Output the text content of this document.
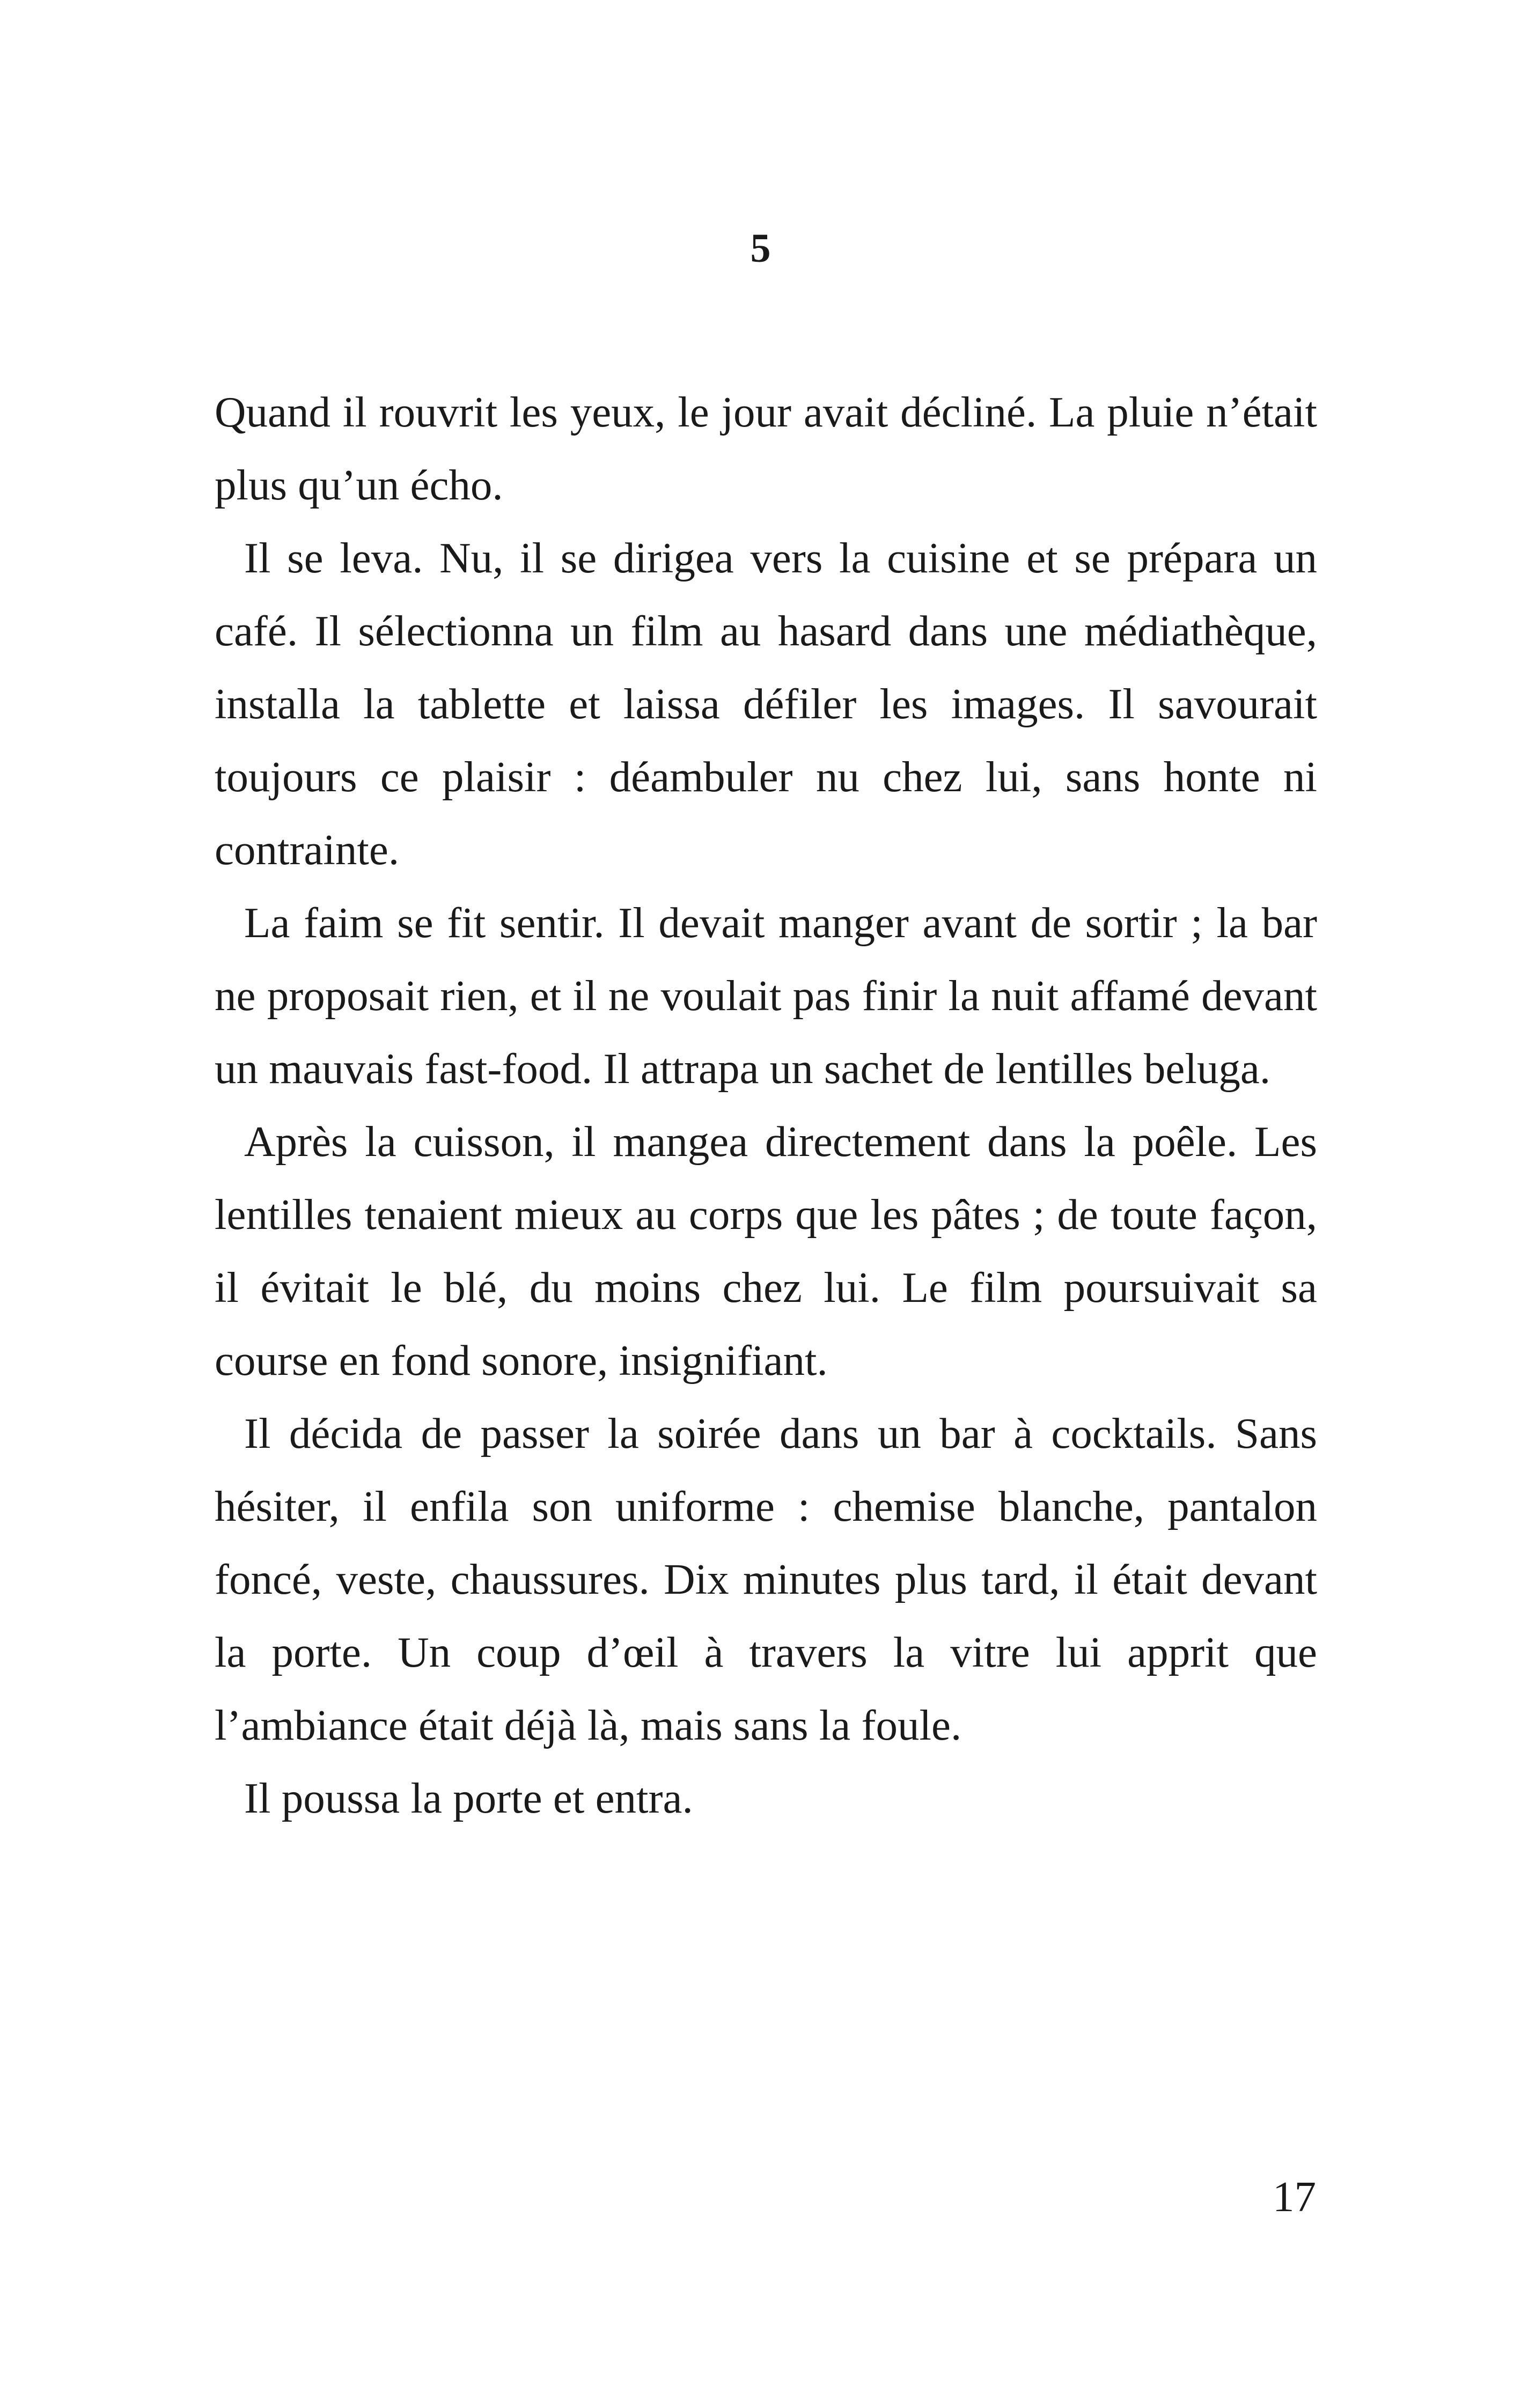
5

Quand il rouvrit les yeux, le jour avait décliné. La pluie n’était plus qu’un écho.

Il se leva. Nu, il se dirigea vers la cuisine et se prépara un café. Il sélectionna un film au hasard dans une médiathèque, installa la tablette et laissa défiler les images. Il savourait toujours ce plaisir : déambuler nu chez lui, sans honte ni contrainte.

La faim se fit sentir. Il devait manger avant de sortir ; la bar ne proposait rien, et il ne voulait pas finir la nuit affamé devant un mauvais fast-food. Il attrapa un sachet de lentilles beluga.

Après la cuisson, il mangea directement dans la poêle. Les lentilles tenaient mieux au corps que les pâtes ; de toute façon, il évitait le blé, du moins chez lui. Le film poursuivait sa course en fond sonore, insignifiant.

Il décida de passer la soirée dans un bar à cocktails. Sans hésiter, il enfila son uniforme : chemise blanche, pantalon foncé, veste, chaussures. Dix minutes plus tard, il était devant la porte. Un coup d’œil à travers la vitre lui apprit que l’ambiance était déjà là, mais sans la foule.

Il poussa la porte et entra.

17
